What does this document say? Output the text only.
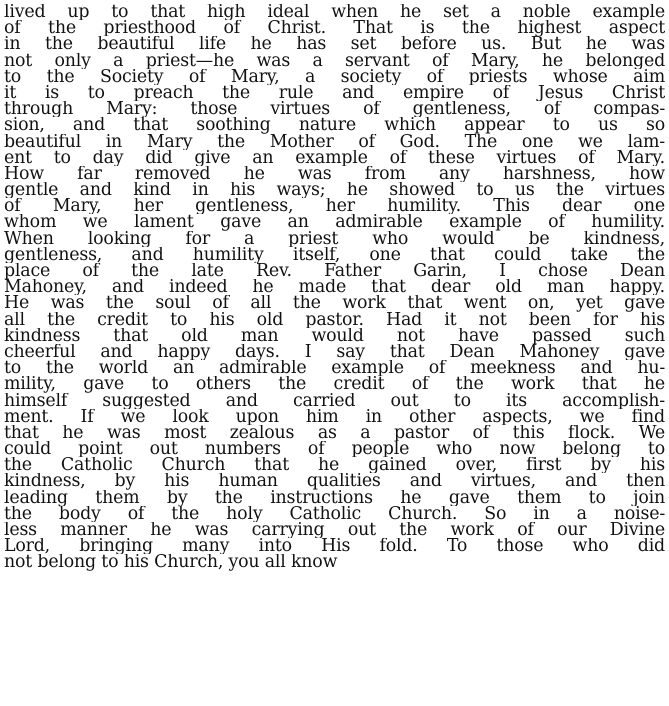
lived up to that high ideal when he set a noble example
of the priesthood of Christ. That is the highest aspect
in the beautiful life he has set before us. But he was
not only a priest—he was a servant of Mary, he belonged
to the Society of Mary, a society of priests whose aim
it is to preach the rule and empire of Jesus Christ
through Mary: those virtues of gentleness, of compas-
sion, and that soothing nature which appear to us so
beautiful in Mary the Mother of God. The one we lam-
ent to day did give an example of these virtues of Mary.
How far removed he was from any harshness, how
gentle and kind in his ways; he showed to us the virtues
of Mary, her gentleness, her humility. This dear one
whom we lament gave an admirable example of humility.
When looking for a priest who would be kindness,
gentleness, and humility itself, one that could take the
place of the late Rev. Father Garin, I chose Dean
Mahoney, and indeed he made that dear old man happy.
He was the soul of all the work that went on, yet gave
all the credit to his old pastor. Had it not been for his
kindness that old man would not have passed such
cheerful and happy days. I say that Dean Mahoney gave
to the world an admirable example of meekness and hu-
mility, gave to others the credit of the work that he
himself suggested and carried out to its accomplish-
ment. If we look upon him in other aspects, we find
that he was most zealous as a pastor of this flock. We
could point out numbers of people who now belong to
the Catholic Church that he gained over, first by his
kindness, by his human qualities and virtues, and then
leading them by the instructions he gave them to join
the body of the holy Catholic Church. So in a noise-
less manner he was carrying out the work of our Divine
Lord, bringing many into His fold. To those who did
not belong to his Church, you all know
